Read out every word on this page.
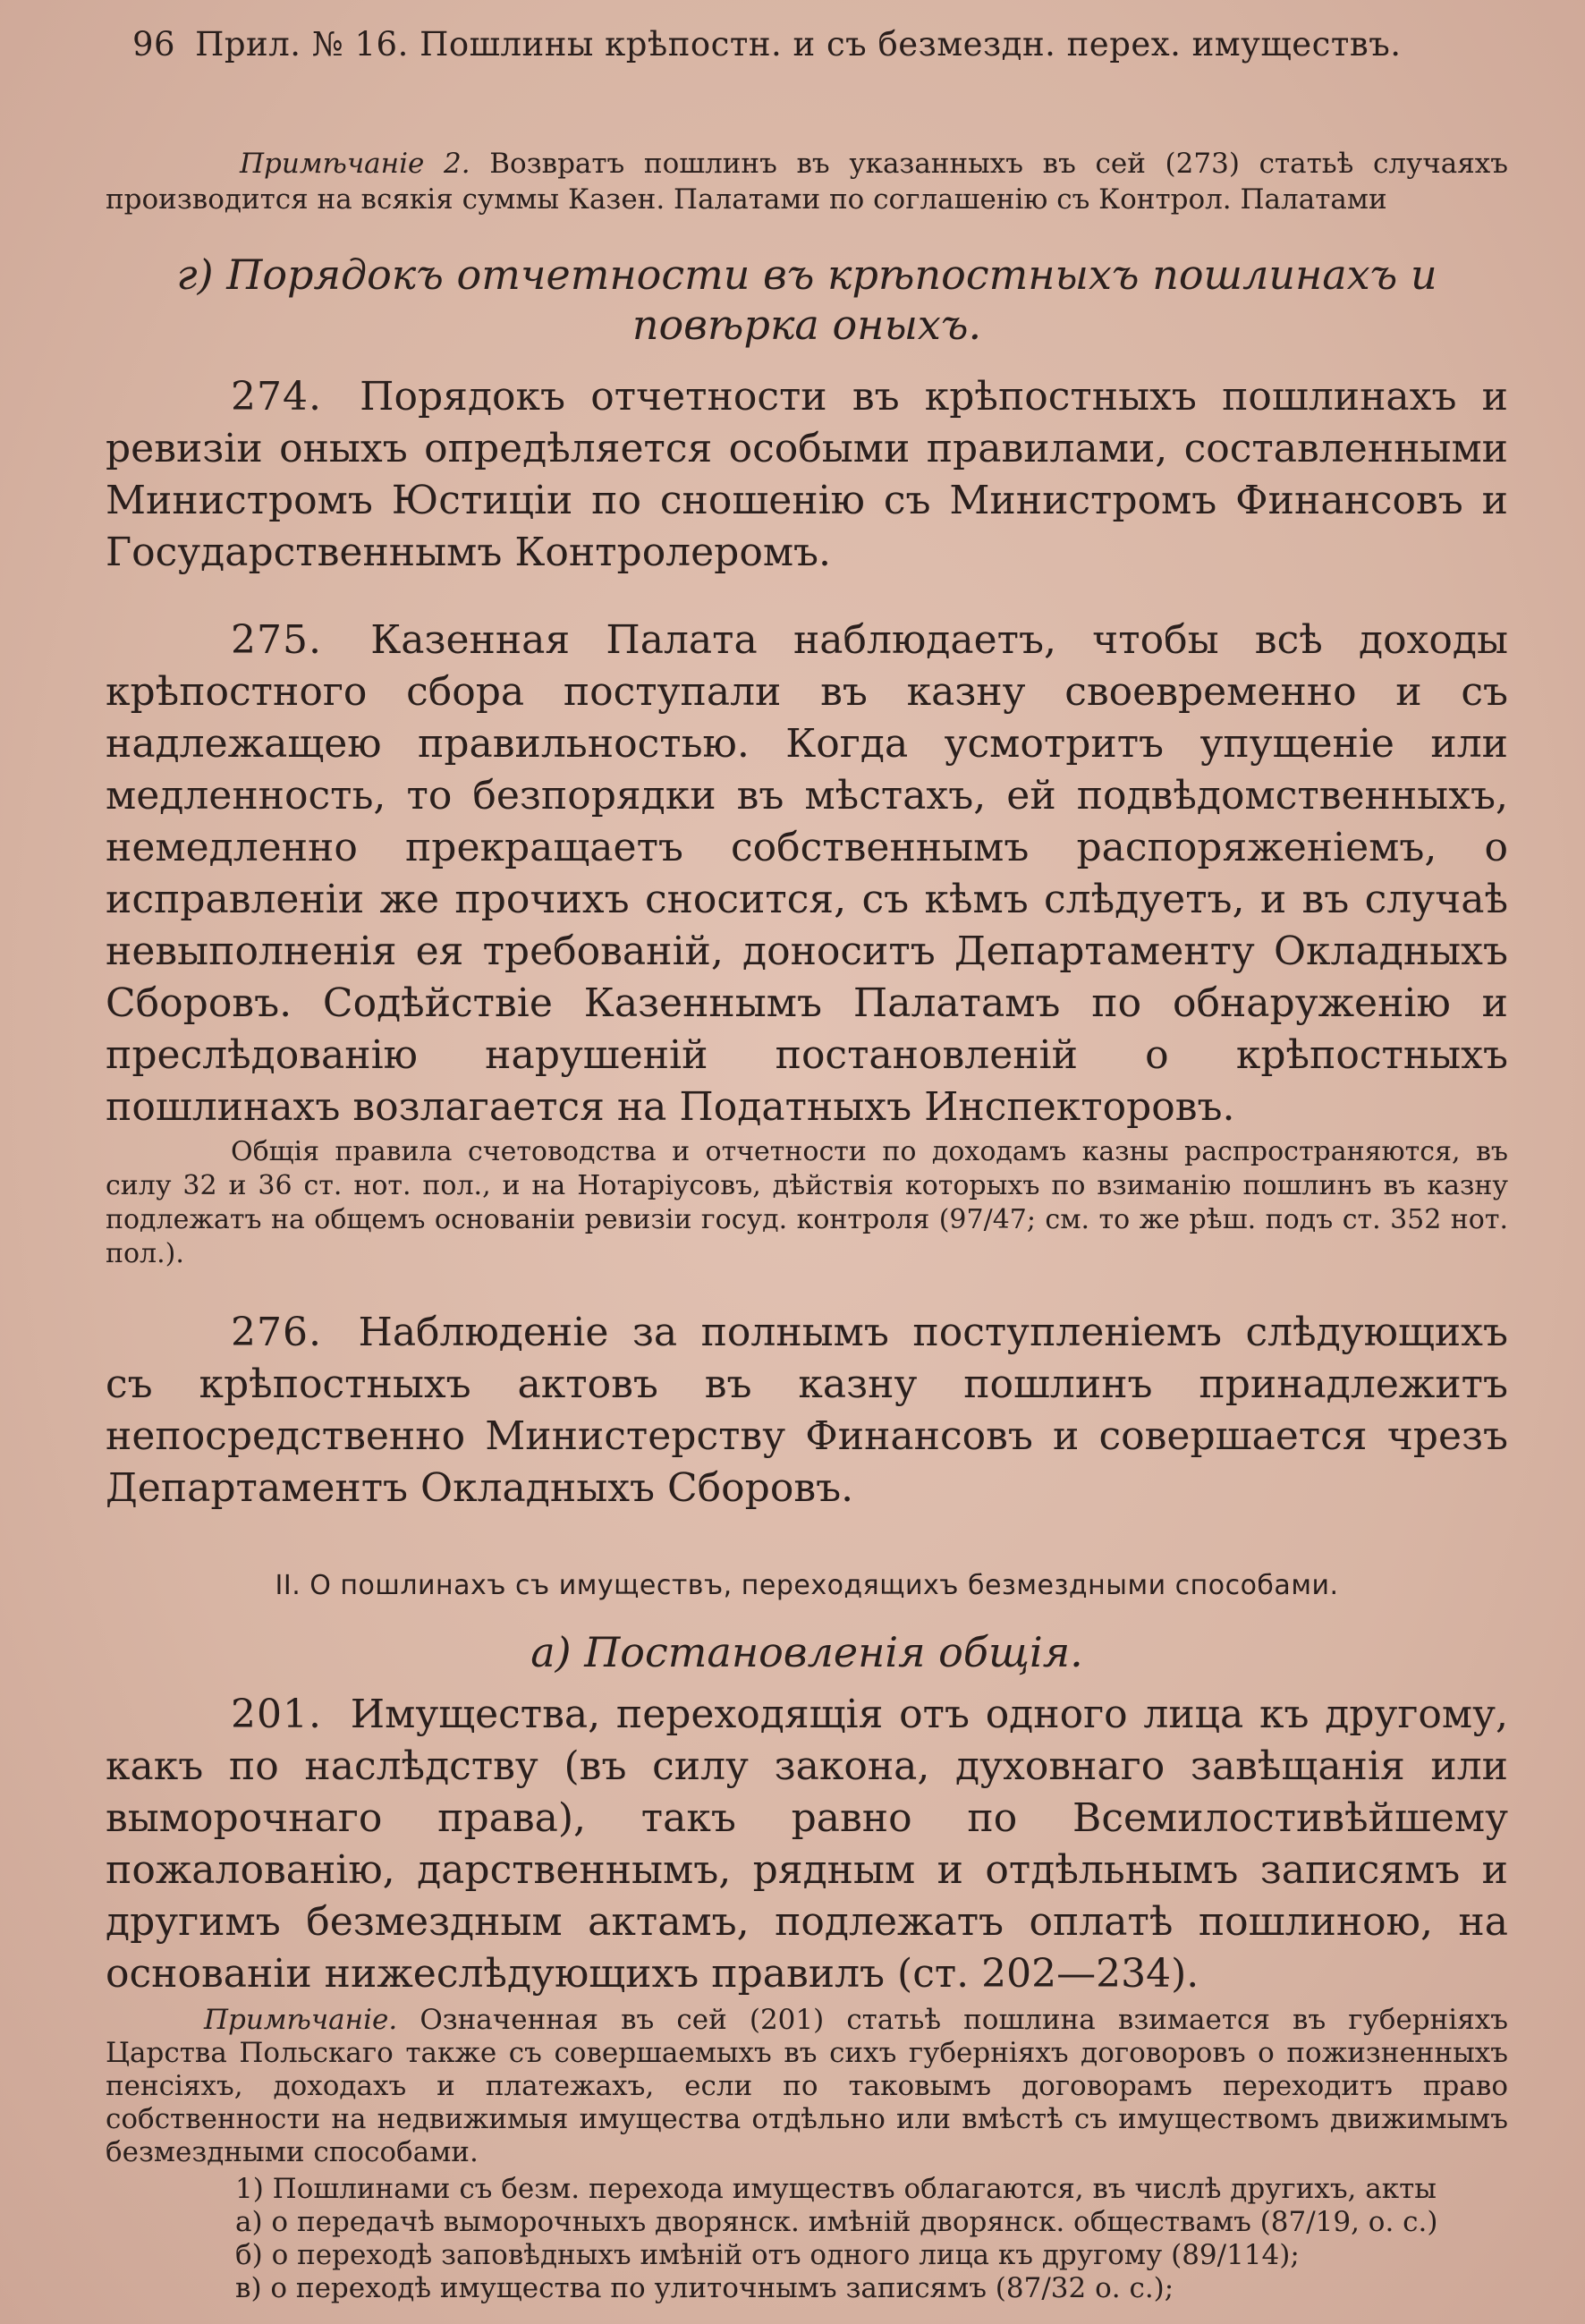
96 Прил. № 16. Пошлины крѣпостн. и съ безмездн. перех. имуществъ.

Примѣчаніе 2. Возвратъ пошлинъ въ указанныхъ въ сей (273) статьѣ случаяхъ производится на всякія суммы Казен. Палатами по соглашенію съ Контрол. Палатами

г) Порядокъ отчетности въ крѣпостныхъ пошлинахъ и повѣрка оныхъ.

274. Порядокъ отчетности въ крѣпостныхъ пошлинахъ и ревизіи оныхъ опредѣляется особыми правилами, составленными Министромъ Юстиціи по сношенію съ Министромъ Финансовъ и Государственнымъ Контролеромъ.

275. Казенная Палата наблюдаетъ, чтобы всѣ доходы крѣпостного сбора поступали въ казну своевременно и съ надлежащею правильностью. Когда усмотритъ упущеніе или медленность, то безпорядки въ мѣстахъ, ей подвѣдомственныхъ, немедленно прекращаетъ собственнымъ распоряженіемъ, о исправленіи же прочихъ сносится, съ кѣмъ слѣдуетъ, и въ случаѣ невыполненія ея требованій, доноситъ Департаменту Окладныхъ Сборовъ. Содѣйствіе Казеннымъ Палатамъ по обнаруженію и преслѣдованію нарушеній постановленій о крѣпостныхъ пошлинахъ возлагается на Податныхъ Инспекторовъ.

Общія правила счетоводства и отчетности по доходамъ казны распространяются, въ силу 32 и 36 ст. нот. пол., и на Нотаріусовъ, дѣйствія которыхъ по взиманію пошлинъ въ казну подлежатъ на общемъ основаніи ревизіи госуд. контроля (97/47; см. то же рѣш. подъ ст. 352 нот. пол.).

276. Наблюденіе за полнымъ поступленіемъ слѣдующихъ съ крѣпостныхъ актовъ въ казну пошлинъ принадлежитъ непосредственно Министерству Финансовъ и совершается чрезъ Департаментъ Окладныхъ Сборовъ.

II. О пошлинахъ съ имуществъ, переходящихъ безмездными способами.

а) Постановленія общія.

201. Имущества, переходящія отъ одного лица къ другому, какъ по наслѣдству (въ силу закона, духовнаго завѣщанія или выморочнаго права), такъ равно по Всемилостивѣйшему пожалованію, дарственнымъ, рядным и отдѣльнымъ записямъ и другимъ безмездным актамъ, подлежатъ оплатѣ пошлиною, на основаніи нижеслѣдующихъ правилъ (ст. 202—234).

Примѣчаніе. Означенная въ сей (201) статьѣ пошлина взимается въ губерніяхъ Царства Польскаго также съ совершаемыхъ въ сихъ губерніяхъ договоровъ о пожизненныхъ пенсіяхъ, доходахъ и платежахъ, если по таковымъ договорамъ переходитъ право собственности на недвижимыя имущества отдѣльно или вмѣстѣ съ имуществомъ движимымъ безмездными способами.

1) Пошлинами съ безм. перехода имуществъ облагаются, въ числѣ другихъ, акты
а) о передачѣ выморочныхъ дворянск. имѣній дворянск. обществамъ (87/19, о. с.)
б) о переходѣ заповѣдныхъ имѣній отъ одного лица къ другому (89/114);
в) о переходѣ имущества по улиточнымъ записямъ (87/32 о. с.);
